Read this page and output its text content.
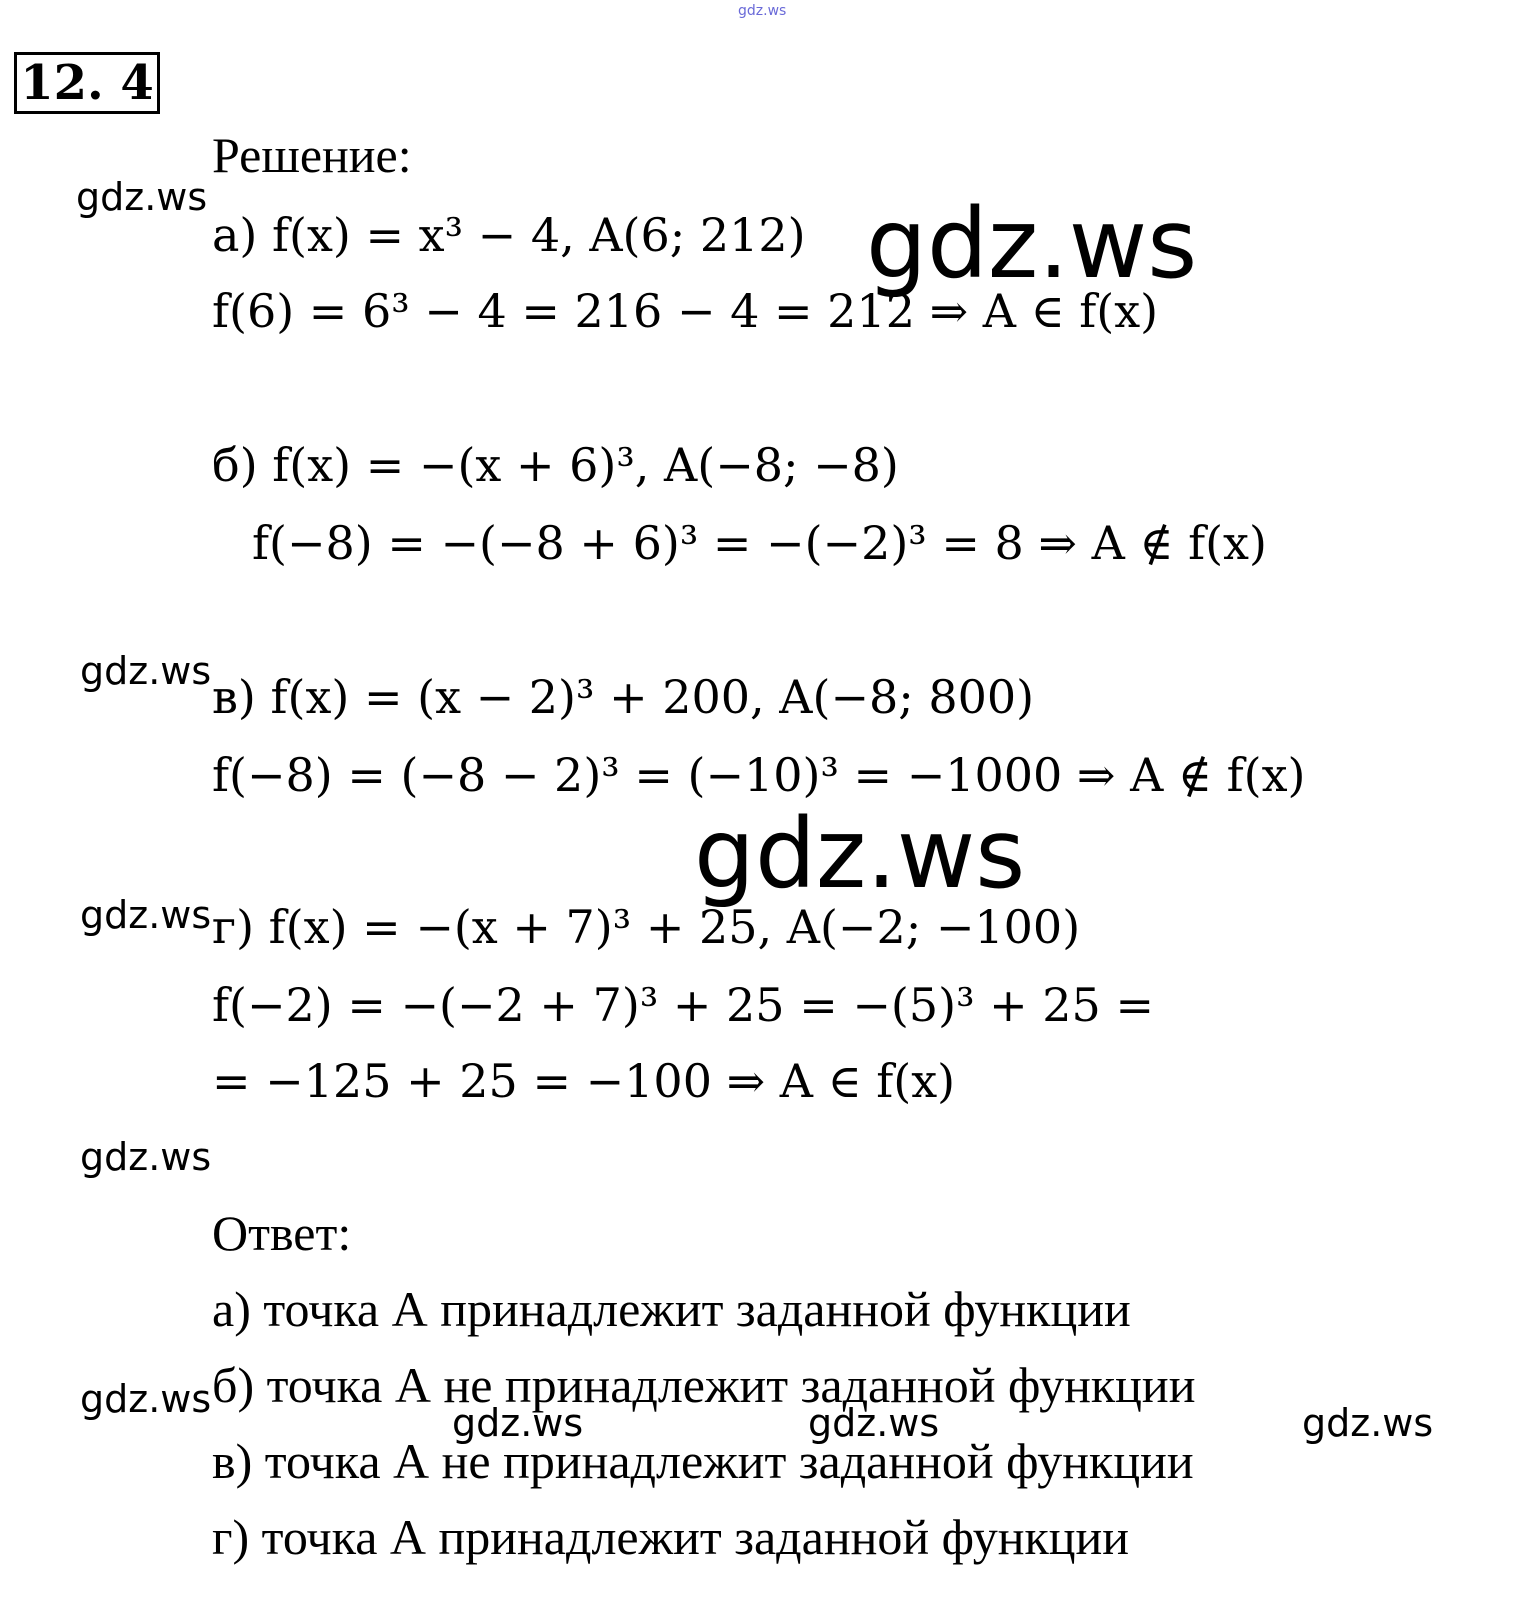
gdz.ws
12. 4
Решение:
а) f(x) = x³ − 4, A(6; 212)
f(6) = 6³ − 4 = 216 − 4 = 212 ⇒ A ∈ f(x)
б) f(x) = −(x + 6)³, A(−8; −8)
f(−8) = −(−8 + 6)³ = −(−2)³ = 8 ⇒ A ∉ f(x)
в) f(x) = (x − 2)³ + 200, A(−8; 800)
f(−8) = (−8 − 2)³ = (−10)³ = −1000 ⇒ A ∉ f(x)
г) f(x) = −(x + 7)³ + 25, A(−2; −100)
f(−2) = −(−2 + 7)³ + 25 = −(5)³ + 25 =
= −125 + 25 = −100 ⇒ A ∈ f(x)
Ответ:
а) точка А принадлежит заданной функции
б) точка А не принадлежит заданной функции
в) точка А не принадлежит заданной функции
г) точка А принадлежит заданной функции
gdz.ws	gdz.ws
gdz.ws
gdz.ws
gdz.ws
gdz.ws
gdz.ws
gdz.ws	gdz.ws	gdz.ws
